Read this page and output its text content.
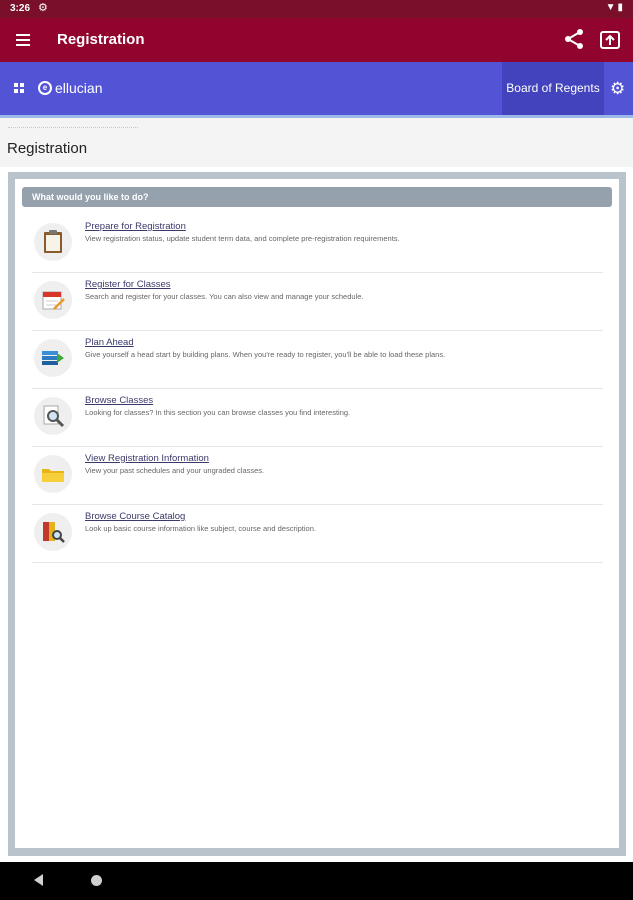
3:26 ⚙	▼▮
Registration
e ellucian	Board of Regents ⚙
Registration
What would you like to do?
Prepare for Registration
View registration status, update student term data, and complete pre-registration requirements.
Register for Classes
Search and register for your classes. You can also view and manage your schedule.
Plan Ahead
Give yourself a head start by building plans. When you're ready to register, you'll be able to load these plans.
Browse Classes
Looking for classes? In this section you can browse classes you find interesting.
View Registration Information
View your past schedules and your ungraded classes.
Browse Course Catalog
Look up basic course information like subject, course and description.
